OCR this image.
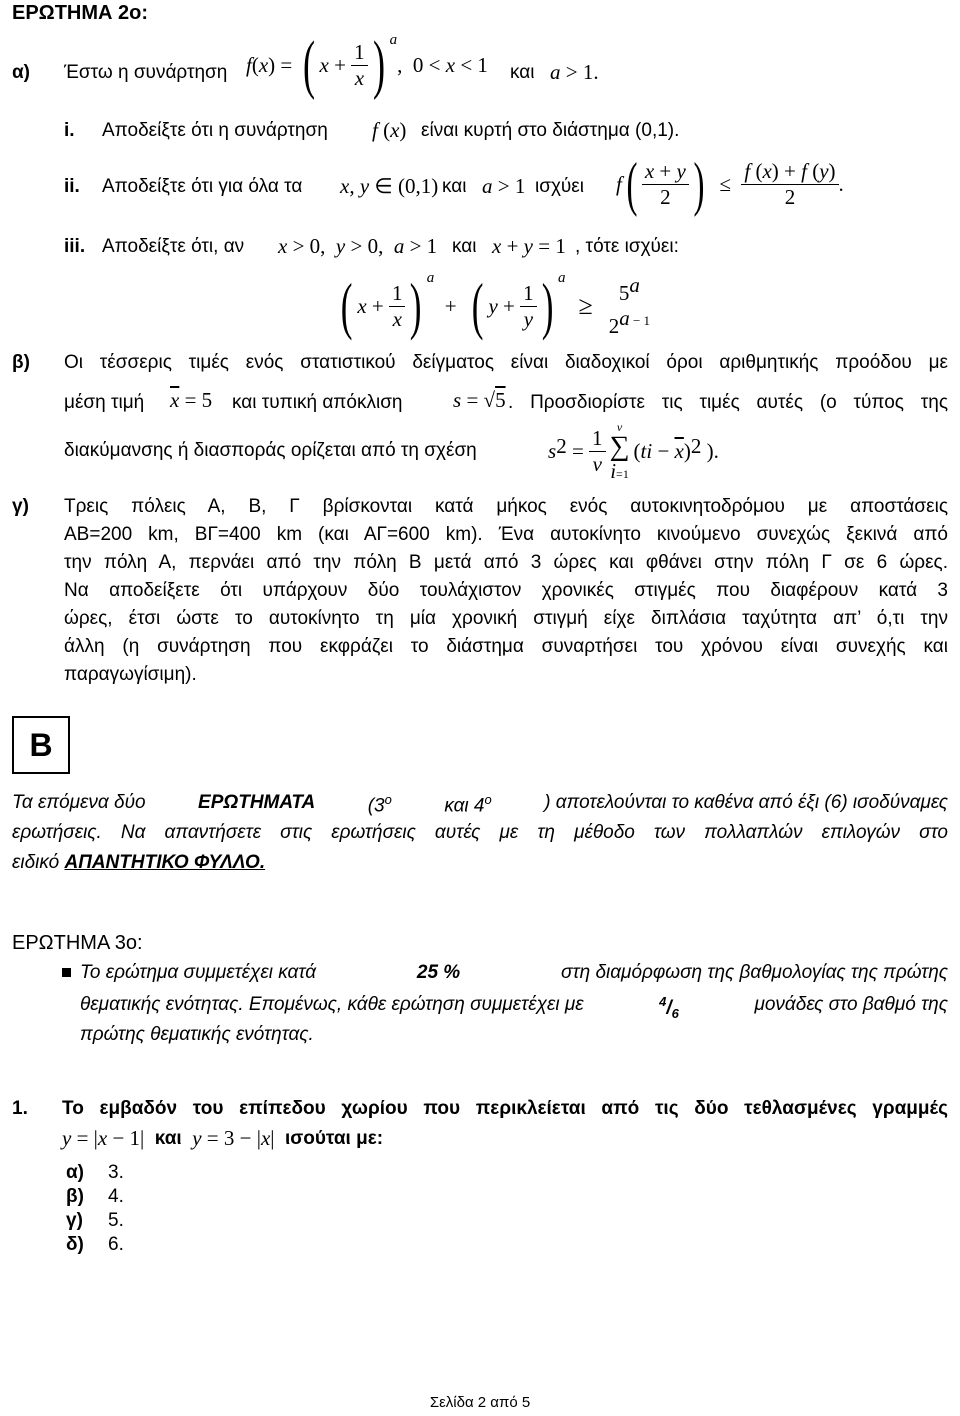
ΕΡΩΤΗΜΑ 2ο:
α) Έστω η συνάρτηση f ( x ) = ( $x + \frac{1}{x}$ ) a
,  0 < x < 1 και a > 1.
i. Αποδείξτε ότι η συνάρτηση f (x) είναι κυρτή στο διάστημα (0,1).
ii. Αποδείξτε ότι για όλα τα x, y ∈ (0,1) και a > 1 ισχύει f ( $\frac{x + y}{2}$ ) ≤ $\frac{f (x) + f (y)}{2}$ .
iii. Αποδείξτε ότι, αν x > 0,  y > 0,  a > 1 και x + y = 1 , τότε ισχύει:
( $x + \frac{1}{x}$ ) a
+ ( $y + \frac{1}{y}$ ) a
≥ $5^a$
$2^{a - 1}$
β) Οι τέσσερις τιμές ενός στατιστικού δείγματος είναι διαδοχικοί όροι αριθμητικής προόδου με
μέση τιμή $\overline{x} = 5$ και τυπική απόκλιση s = √5 . Προσδιορίστε τις τιμές αυτές (ο τύπος της
διακύμανσης ή διασποράς ορίζεται από τη σχέση	s $2 = \frac{1}{\nu}$
ν
∑
i=1
( t $i - \overline{x}$ ) 2 ).
γ) Τρεις πόλεις Α, Β, Γ βρίσκονται κατά μήκος ενός αυτοκινητοδρόμου με αποστάσεις
ΑΒ=200 km, ΒΓ=400 km (και ΑΓ=600 km). Ένα αυτοκίνητο κινούμενο συνεχώς ξεκινά από
την πόλη Α, περνάει από την πόλη Β μετά από 3 ώρες και φθάνει στην πόλη Γ σε 6 ώρες.
Να αποδείξετε ότι υπάρχουν δύο τουλάχιστον χρονικές στιγμές που διαφέρουν κατά 3
ώρες, έτσι ώστε το αυτοκίνητο τη μία χρονική στιγμή είχε διπλάσια ταχύτητα απ’ ό,τι την
άλλη (η συνάρτηση που εκφράζει το διάστημα συναρτήσει του χρόνου είναι συνεχής και
παραγωγίσιμη).
Β
Τα επόμενα δύο	ΕΡΩΤΗΜΑΤΑ	($3^o$	και $4^o$	) αποτελούνται το καθένα από έξι (6) ισοδύναμες
ερωτήσεις. Να απαντήσετε στις ερωτήσεις αυτές με τη μέθοδο των πολλαπλών επιλογών στο
ειδικό ΑΠΑΝΤΗΤΙΚΟ ΦΥΛΛΟ.
ΕΡΩΤΗΜΑ 3ο:
Το ερώτημα συμμετέχει κατά	25 %	στη διαμόρφωση της βαθμολογίας της πρώτης
θεματικής ενότητας. Επομένως, κάθε ερώτηση συμμετέχει με	$^4/_6$	μονάδες στο βαθμό της
πρώτης θεματικής ενότητας.
1. Το εμβαδόν του επίπεδου χωρίου που περικλείεται από τις δύο τεθλασμένες γραμμές
y = | x − 1| και
y = 3 − | x | ισούται με:
α) 3.
β) 4.
γ) 5.
δ) 6.
Σελίδα 2 από 5
